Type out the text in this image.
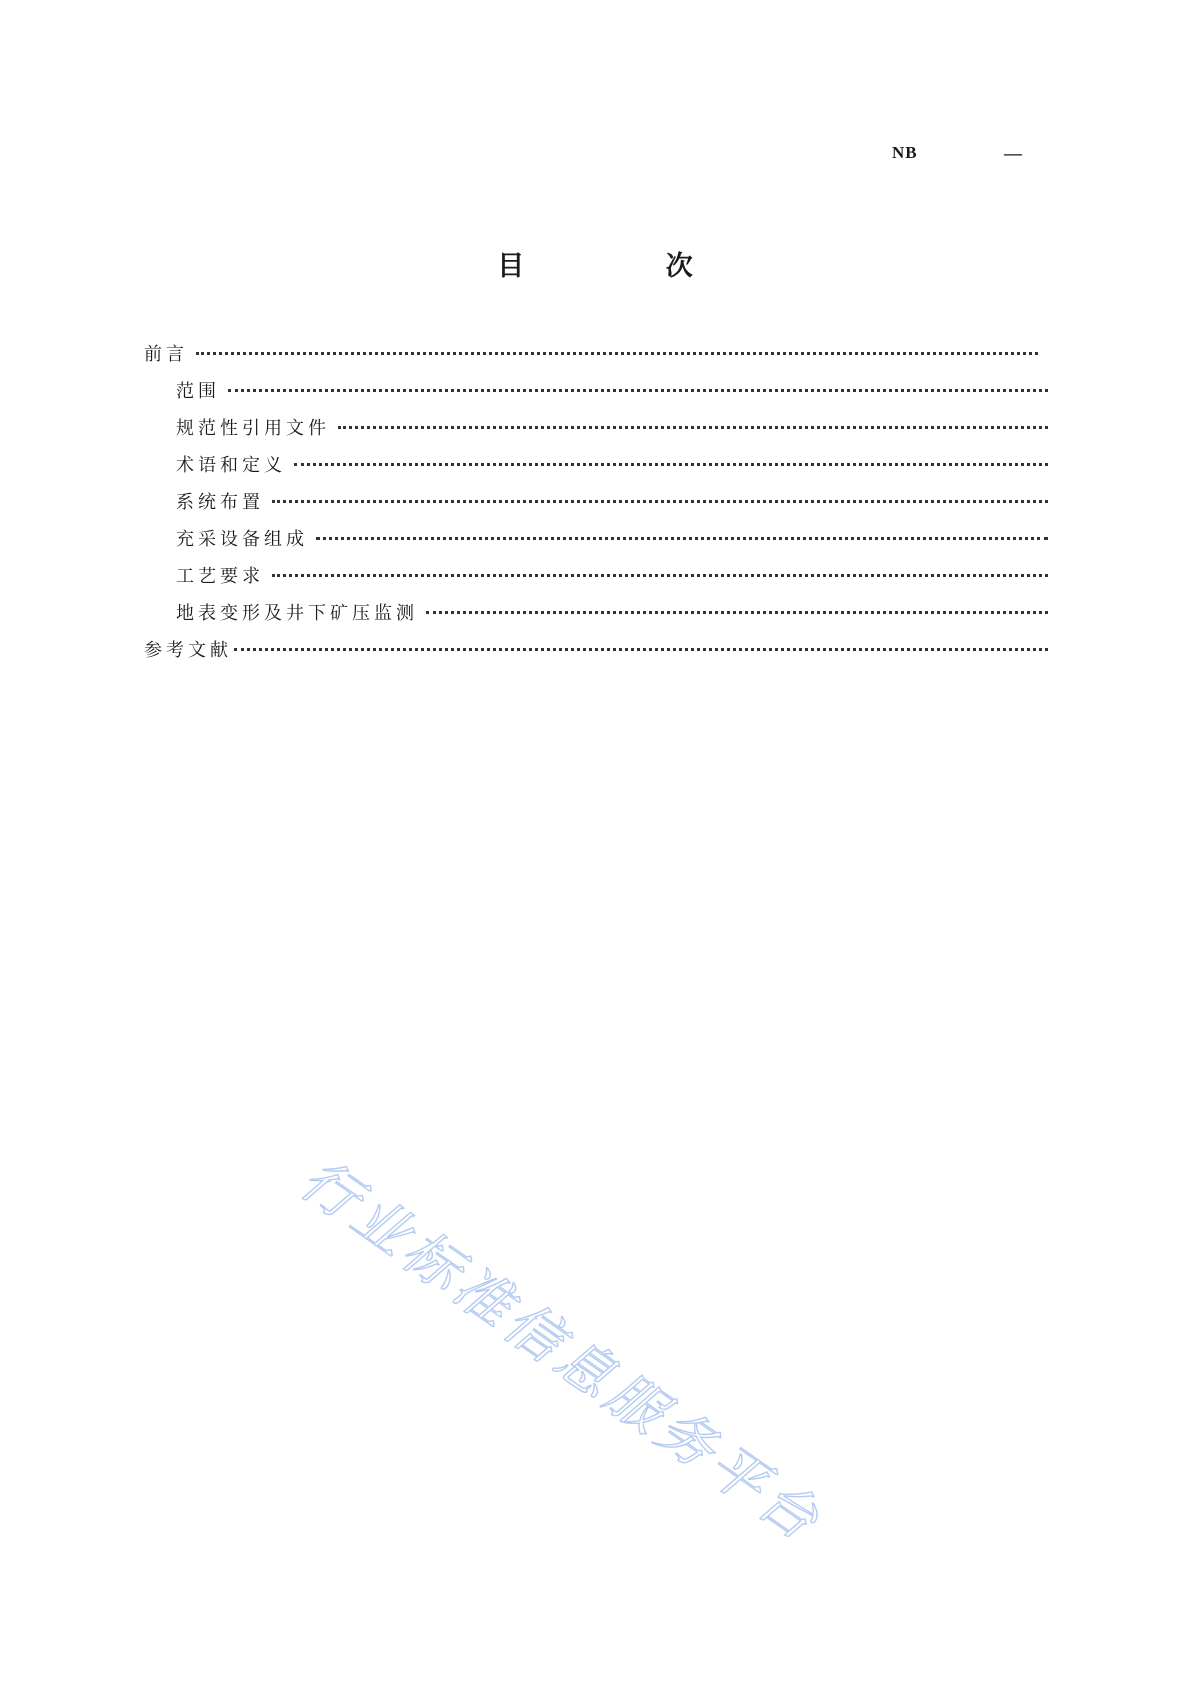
NB	—
目 次
前言
范围
规范性引用文件
术语和定义
系统布置
充采设备组成
工艺要求
地表变形及井下矿压监测
参考文献
行业标准信息服务平台
